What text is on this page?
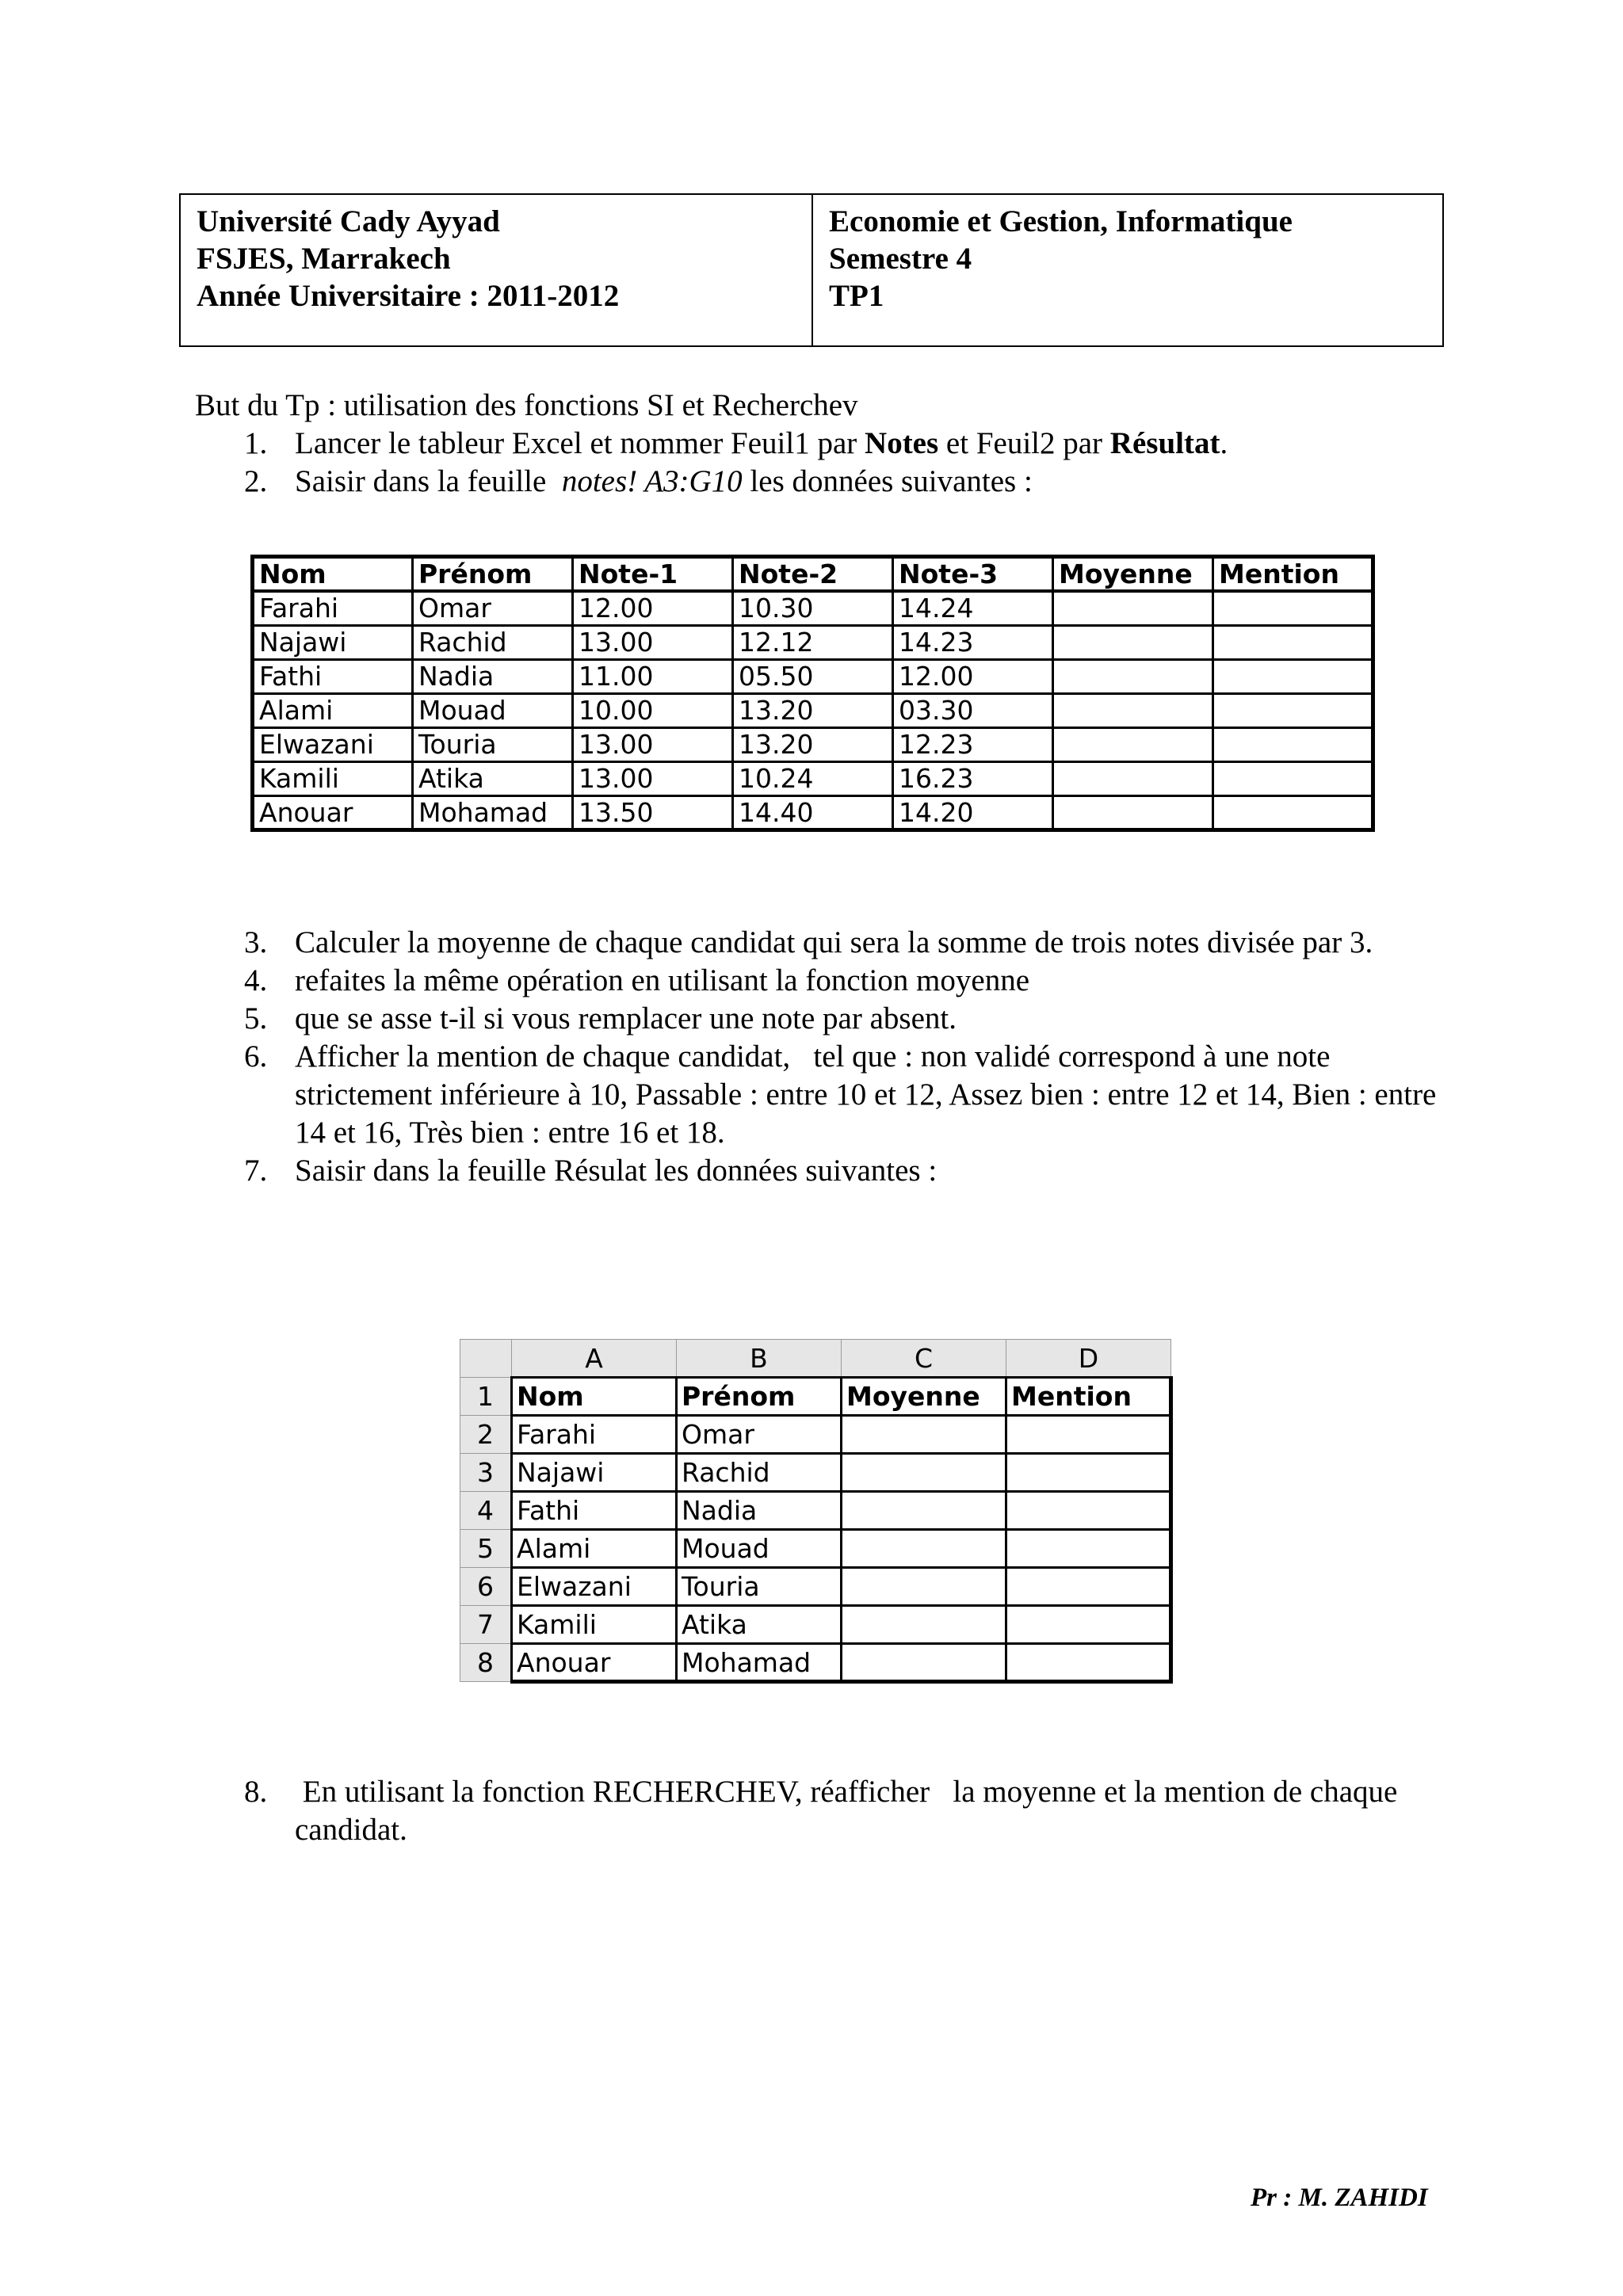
Université Cady Ayyad
FSJES, Marrakech
Année Universitaire : 2011-2012
Economie et Gestion, Informatique
Semestre 4
TP1

But du Tp : utilisation des fonctions SI et Recherchev

1. Lancer le tableur Excel et nommer Feuil1 par Notes et Feuil2 par Résultat.
2. Saisir dans la feuille  notes! A3:G10 les données suivantes :
Nom	Prénom	Note-1	Note-2	Note-3	Moyenne	Mention
Farahi	Omar	12.00	10.30	14.24		
Najawi	Rachid	13.00	12.12	14.23		
Fathi	Nadia	11.00	05.50	12.00		
Alami	Mouad	10.00	13.20	03.30		
Elwazani	Touria	13.00	13.20	12.23		
Kamili	Atika	13.00	10.24	16.23		
Anouar	Mohamad	13.50	14.40	14.20		
3. Calculer la moyenne de chaque candidat qui sera la somme de trois notes divisée par 3.
4. refaites la même opération en utilisant la fonction moyenne
5. que se asse t-il si vous remplacer une note par absent.
6. Afficher la mention de chaque candidat,   tel que : non validé correspond à une note strictement inférieure à 10, Passable : entre 10 et 12, Assez bien : entre 12 et 14, Bien : entre 14 et 16, Très bien : entre 16 et 18.
7. Saisir dans la feuille Résulat les données suivantes :
	A	B	C	D
1	Nom	Prénom	Moyenne	Mention
2	Farahi	Omar		
3	Najawi	Rachid		
4	Fathi	Nadia		
5	Alami	Mouad		
6	Elwazani	Touria		
7	Kamili	Atika		
8	Anouar	Mohamad		
8. En utilisant la fonction RECHERCHEV, réafficher   la moyenne et la mention de chaque candidat.
Pr : M. ZAHIDI
